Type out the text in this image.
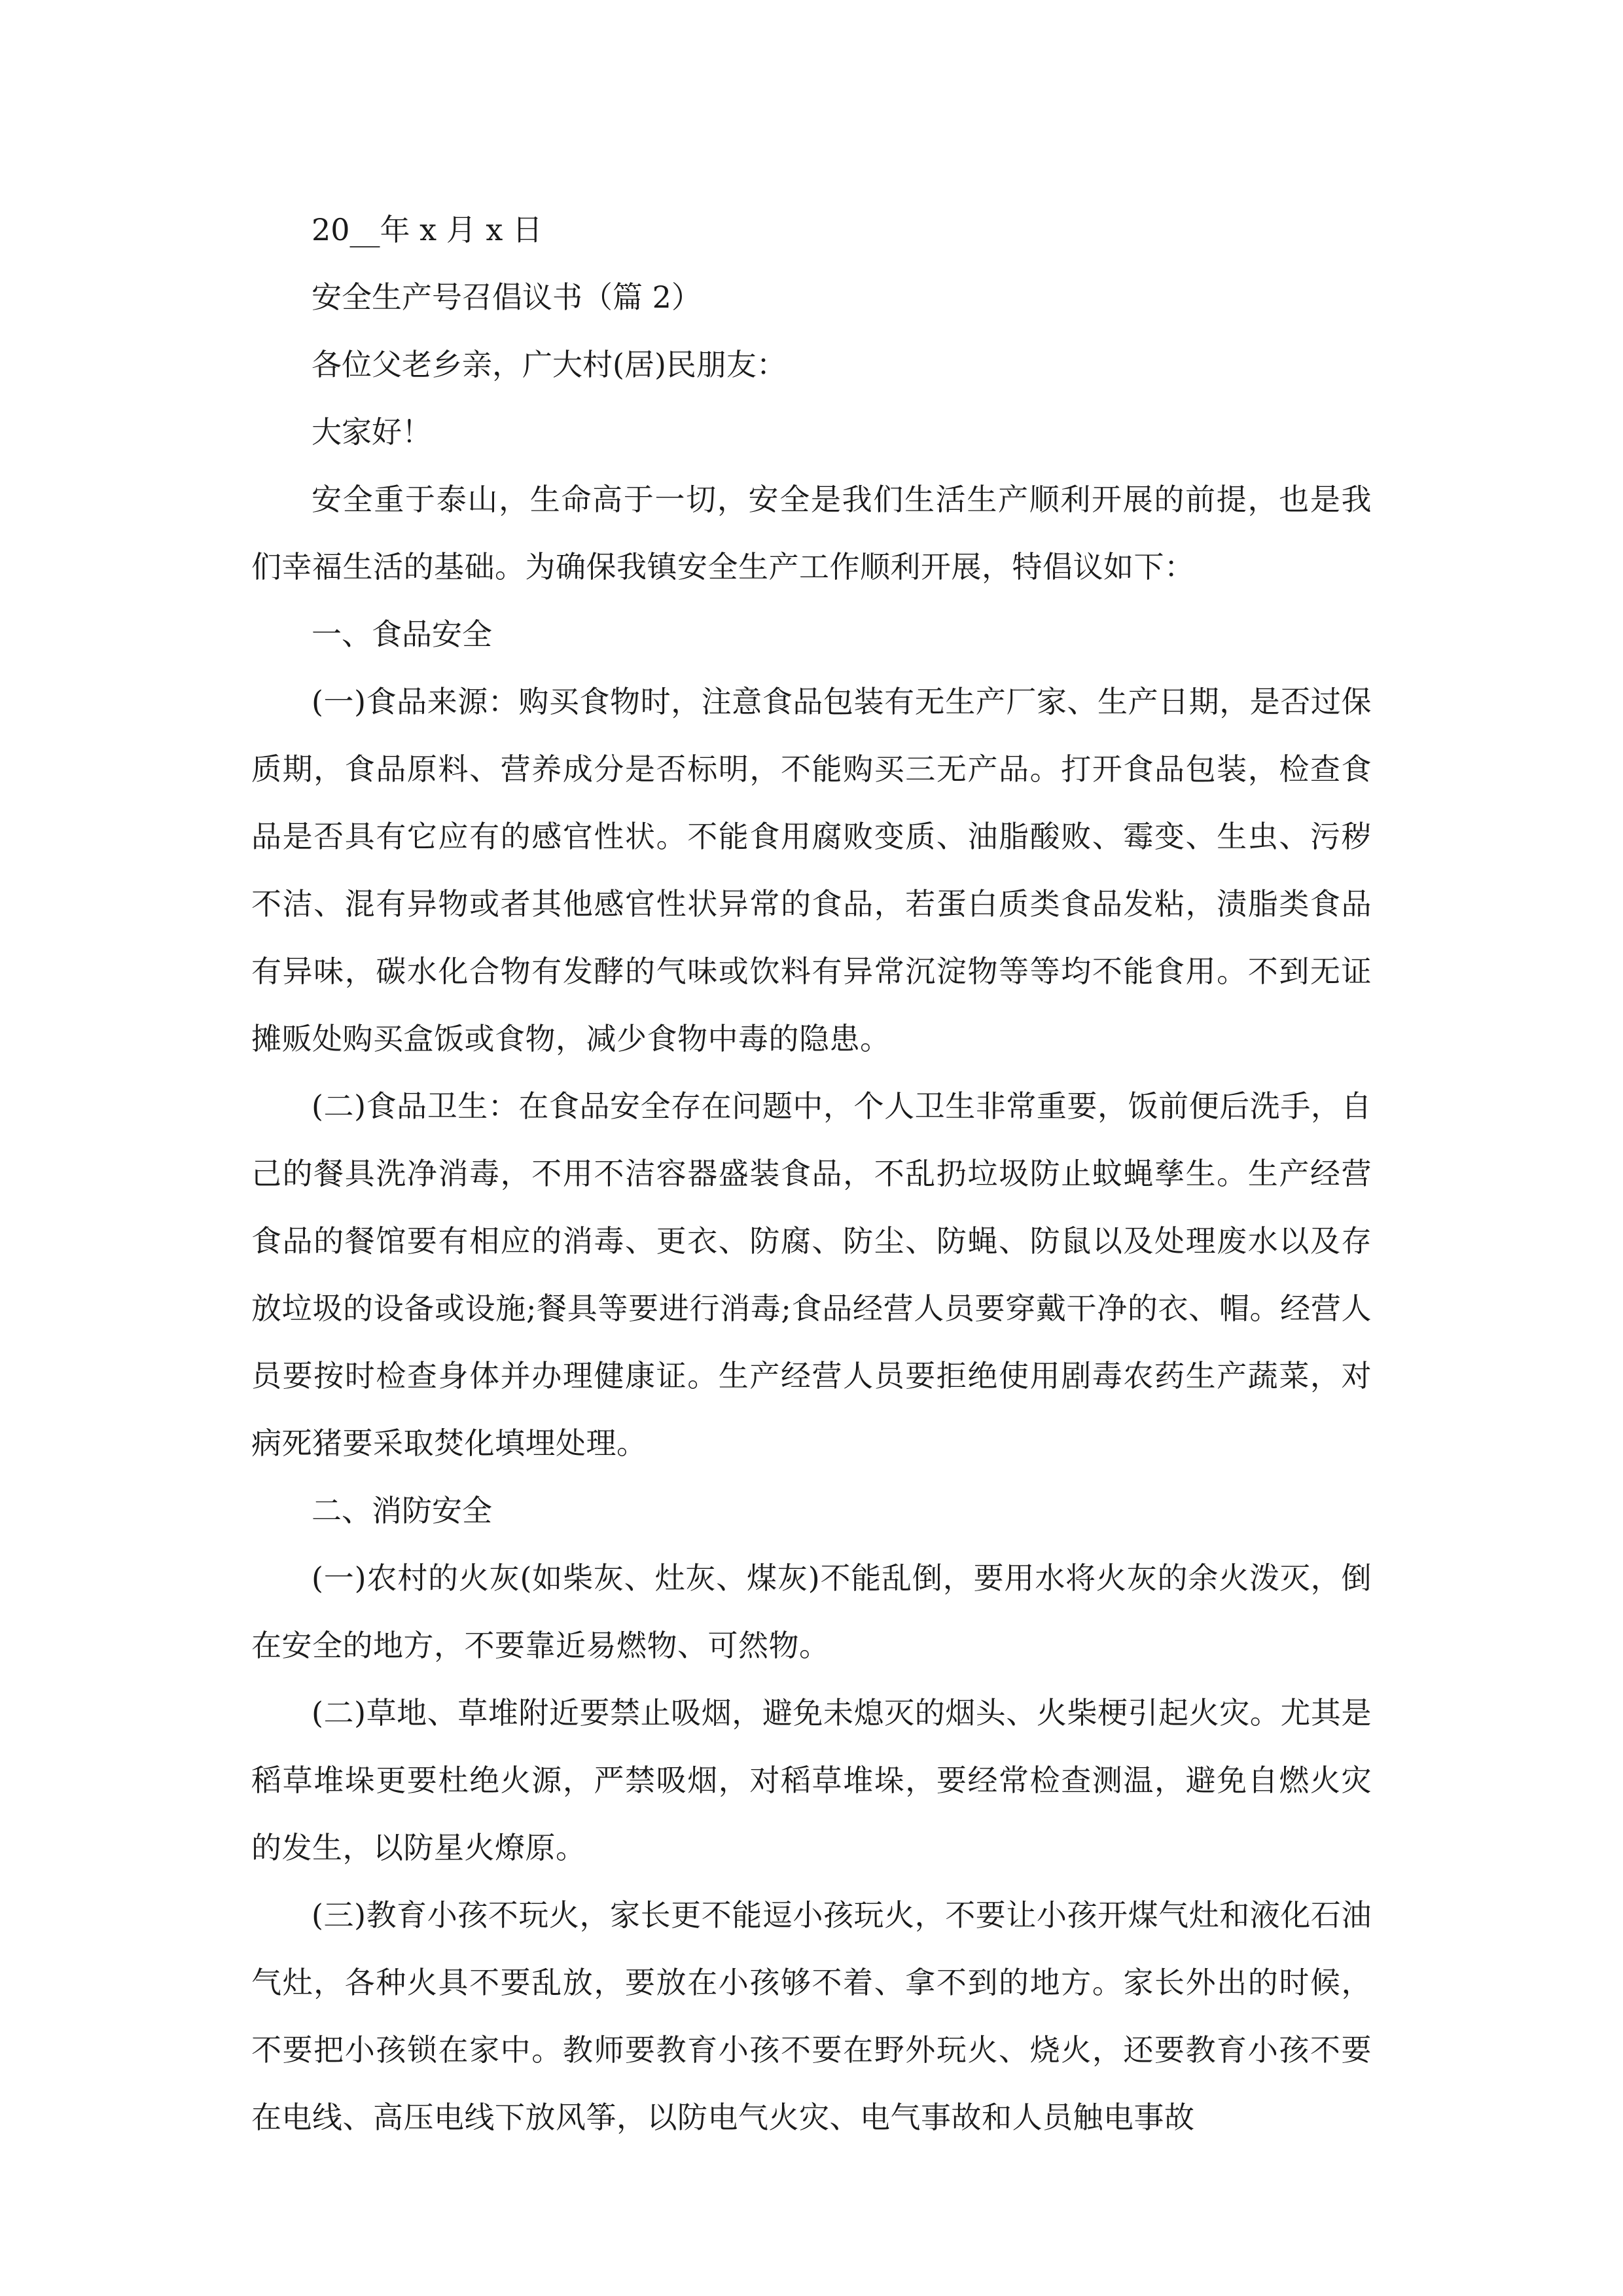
20__年 x 月 x 日

安全生产号召倡议书（篇 2）

各位父老乡亲，广大村(居)民朋友：

大家好！

安全重于泰山，生命高于一切，安全是我们生活生产顺利开展的前提，也是我们幸福生活的基础。为确保我镇安全生产工作顺利开展，特倡议如下：

一、食品安全

(一)食品来源：购买食物时，注意食品包装有无生产厂家、生产日期，是否过保质期，食品原料、营养成分是否标明，不能购买三无产品。打开食品包装，检查食品是否具有它应有的感官性状。不能食用腐败变质、油脂酸败、霉变、生虫、污秽不洁、混有异物或者其他感官性状异常的食品，若蛋白质类食品发粘，渍脂类食品有异味，碳水化合物有发酵的气味或饮料有异常沉淀物等等均不能食用。不到无证摊贩处购买盒饭或食物，减少食物中毒的隐患。

(二)食品卫生：在食品安全存在问题中，个人卫生非常重要，饭前便后洗手，自己的餐具洗净消毒，不用不洁容器盛装食品，不乱扔垃圾防止蚊蝇孳生。生产经营食品的餐馆要有相应的消毒、更衣、防腐、防尘、防蝇、防鼠以及处理废水以及存放垃圾的设备或设施;餐具等要进行消毒;食品经营人员要穿戴干净的衣、帽。经营人员要按时检查身体并办理健康证。生产经营人员要拒绝使用剧毒农药生产蔬菜，对病死猪要采取焚化填埋处理。

二、消防安全

(一)农村的火灰(如柴灰、灶灰、煤灰)不能乱倒，要用水将火灰的余火泼灭，倒在安全的地方，不要靠近易燃物、可然物。

(二)草地、草堆附近要禁止吸烟，避免未熄灭的烟头、火柴梗引起火灾。尤其是稻草堆垛更要杜绝火源，严禁吸烟，对稻草堆垛，要经常检查测温，避免自燃火灾的发生，以防星火燎原。

(三)教育小孩不玩火，家长更不能逗小孩玩火，不要让小孩开煤气灶和液化石油气灶，各种火具不要乱放，要放在小孩够不着、拿不到的地方。家长外出的时候，不要把小孩锁在家中。教师要教育小孩不要在野外玩火、烧火，还要教育小孩不要在电线、高压电线下放风筝，以防电气火灾、电气事故和人员触电事故
